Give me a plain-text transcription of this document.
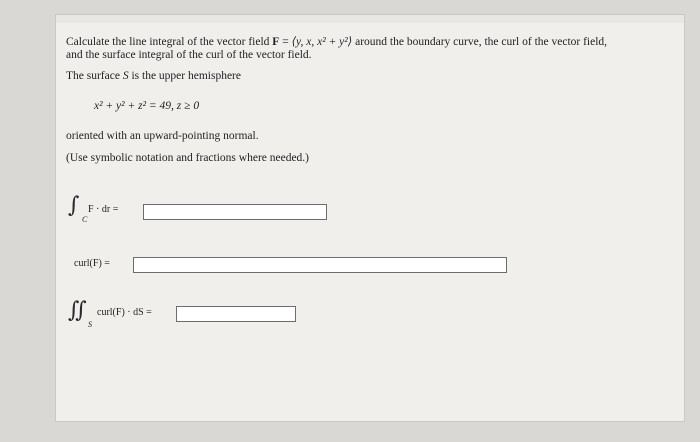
Calculate the line integral of the vector field F = ⟨y, x, x² + y²⟩ around the boundary curve, the curl of the vector field,
and the surface integral of the curl of the vector field.
The surface S is the upper hemisphere
x² + y² + z² = 49, z ≥ 0
oriented with an upward-pointing normal.
(Use symbolic notation and fractions where needed.)
∫
C
F · dr =
curl(F) =
∬
S
curl(F) · dS =
